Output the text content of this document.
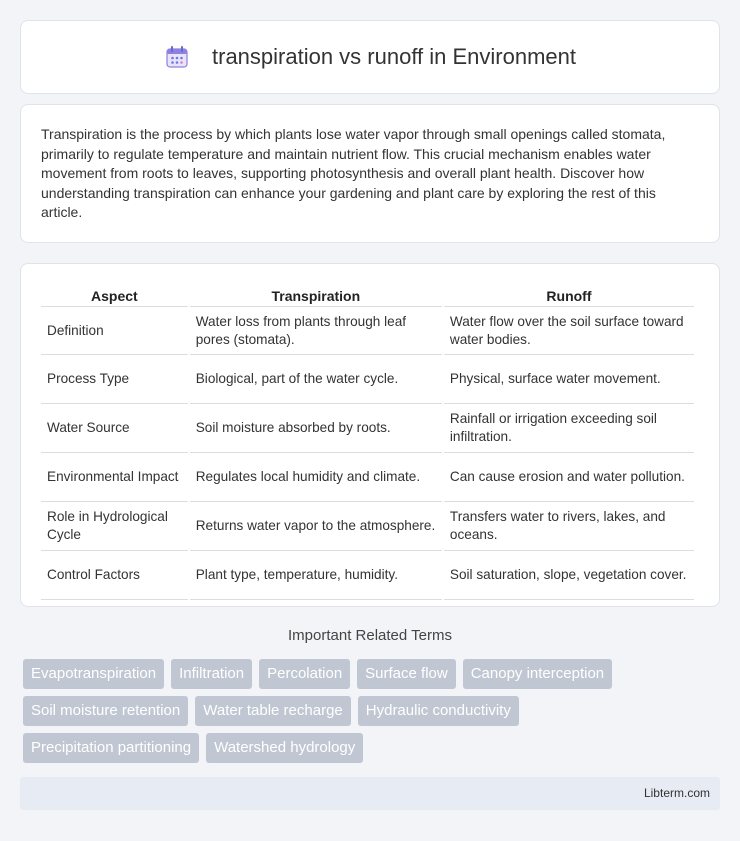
transpiration vs runoff in Environment

Transpiration is the process by which plants lose water vapor through small openings called stomata, primarily to regulate temperature and maintain nutrient flow. This crucial mechanism enables water movement from roots to leaves, supporting photosynthesis and overall plant health. Discover how understanding transpiration can enhance your gardening and plant care by exploring the rest of this article.

Aspect	Transpiration	Runoff
Definition	Water loss from plants through leaf pores (stomata).	Water flow over the soil surface toward water bodies.
Process Type	Biological, part of the water cycle.	Physical, surface water movement.
Water Source	Soil moisture absorbed by roots.	Rainfall or irrigation exceeding soil infiltration.
Environmental Impact	Regulates local humidity and climate.	Can cause erosion and water pollution.
Role in Hydrological Cycle	Returns water vapor to the atmosphere.	Transfers water to rivers, lakes, and oceans.
Control Factors	Plant type, temperature, humidity.	Soil saturation, slope, vegetation cover.
Important Related Terms
Evapotranspiration	Infiltration	Percolation	Surface flow	Canopy interception
Soil moisture retention	Water table recharge	Hydraulic conductivity
Precipitation partitioning	Watershed hydrology
Libterm.com
